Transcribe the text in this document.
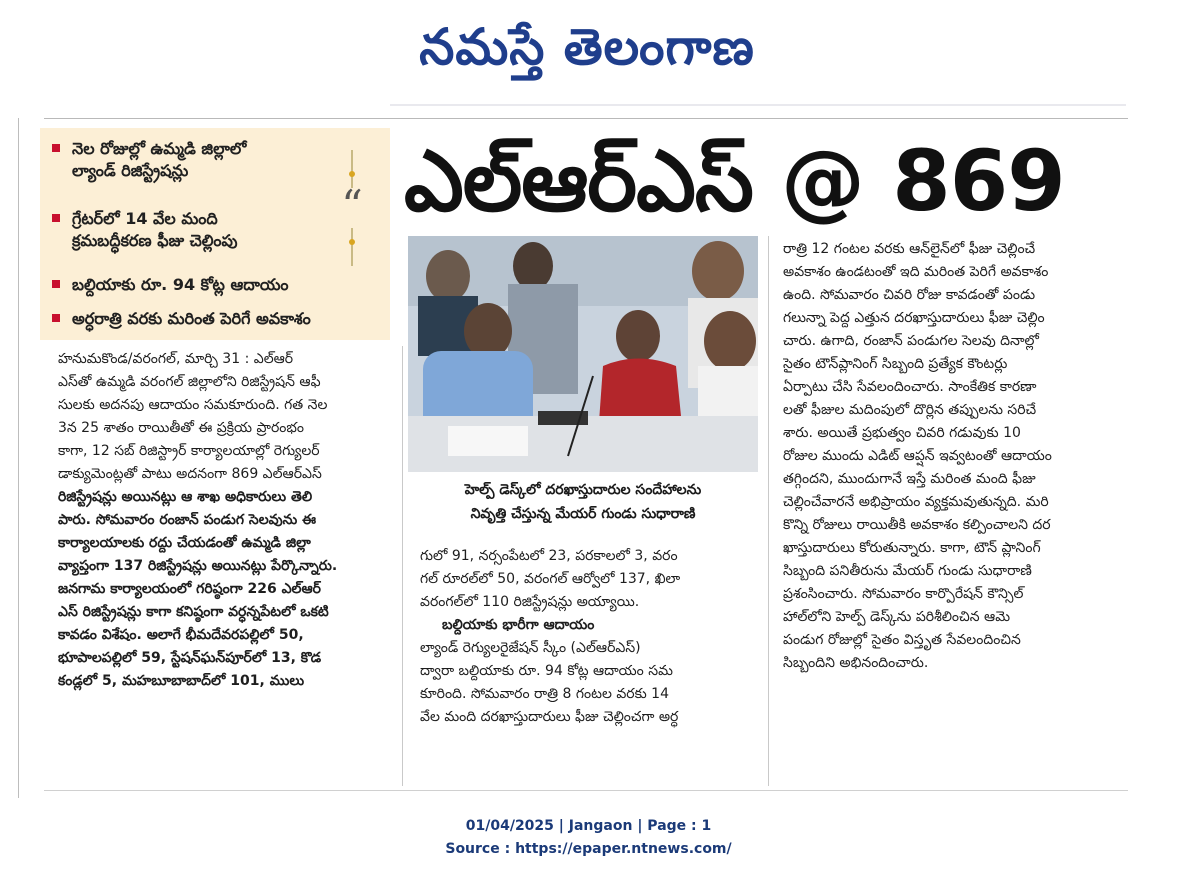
నమస్తే తెలంగాణ
నెల రోజుల్లో ఉమ్మడి జిల్లాలో
ల్యాండ్ రిజిస్ట్రేషన్లు
గ్రేటర్‌లో 14 వేల మంది
క్రమబద్ధీకరణ ఫీజు చెల్లింపు
బల్దియాకు రూ. 94 కోట్ల ఆదాయం
అర్ధరాత్రి వరకు మరింత పెరిగే అవకాశం
“ ఎల్‌ఆర్‌ఎస్ @ 869
హెల్ప్ డెస్క్‌లో దరఖాస్తుదారుల సందేహాలను
నివృత్తి చేస్తున్న మేయర్ గుండు సుధారాణి
హనుమకొండ/వరంగల్, మార్చి 31 : ఎల్‌ఆర్
ఎస్‌తో ఉమ్మడి వరంగల్ జిల్లాలోని రిజిస్ట్రేషన్ ఆఫీ
సులకు అదనపు ఆదాయం సమకూరుంది. గత నెల
3న 25 శాతం రాయితీతో ఈ ప్రక్రియ ప్రారంభం
కాగా, 12 సబ్ రిజిస్ట్రార్ కార్యాలయాల్లో రెగ్యులర్
డాక్యుమెంట్లతో పాటు అదనంగా 869 ఎల్‌ఆర్‌ఎస్
రిజిస్ట్రేషన్లు అయినట్లు ఆ శాఖ అధికారులు తెలి
పారు. సోమవారం రంజాన్ పండుగ సెలవును ఈ
కార్యాలయాలకు రద్దు చేయడంతో ఉమ్మడి జిల్లా
వ్యాప్తంగా 137 రిజిస్ట్రేషన్లు అయినట్లు పేర్కొన్నారు.
జనగామ కార్యాలయంలో గరిష్ఠంగా 226 ఎల్‌ఆర్
ఎస్ రిజిస్ట్రేషన్లు కాగా కనిష్ఠంగా వర్ధన్నపేటలో ఒకటి
కావడం విశేషం. అలాగే భీమదేవరపల్లిలో 50,
భూపాలపల్లిలో 59, స్టేషన్‌ఘన్‌పూర్‌లో 13, కొడ
కండ్లలో 5, మహబూబాబాద్‌లో 101, ములు
గులో 91, నర్సంపేటలో 23, పరకాలలో 3, వరం
గల్ రూరల్‌లో 50, వరంగల్ ఆర్వోలో 137, ఖిలా
వరంగల్‌లో 110 రిజిస్ట్రేషన్లు అయ్యాయి.
బల్దియాకు భారీగా ఆదాయం
ల్యాండ్ రెగ్యులరైజేషన్ స్కీం (ఎల్‌ఆర్‌ఎస్)
ద్వారా బల్దియాకు రూ. 94 కోట్ల ఆదాయం సమ
కూరింది. సోమవారం రాత్రి 8 గంటల వరకు 14
వేల మంది దరఖాస్తుదారులు ఫీజు చెల్లించగా అర్ధ
రాత్రి 12 గంటల వరకు ఆన్‌లైన్‌లో ఫీజు చెల్లించే
అవకాశం ఉండటంతో ఇది మరింత పెరిగే అవకాశం
ఉంది. సోమవారం చివరి రోజు కావడంతో పండు
గలున్నా పెద్ద ఎత్తున దరఖాస్తుదారులు ఫీజు చెల్లిం
చారు. ఉగాది, రంజాన్ పండుగల సెలవు దినాల్లో
సైతం టౌన్‌ప్లానింగ్ సిబ్బంది ప్రత్యేక కౌంటర్లు
ఏర్పాటు చేసి సేవలందించారు. సాంకేతిక కారణా
లతో ఫీజుల మదింపులో దొర్లిన తప్పులను సరిచే
శారు. అయితే ప్రభుత్వం చివరి గడువుకు 10
రోజుల ముందు ఎడిట్ ఆప్షన్ ఇవ్వటంతో ఆదాయం
తగ్గిందని, ముందుగానే ఇస్తే మరింత మంది ఫీజు
చెల్లించేవారనే అభిప్రాయం వ్యక్తమవుతున్నది. మరి
కొన్ని రోజులు రాయితీకి అవకాశం కల్పించాలని దర
ఖాస్తుదారులు కోరుతున్నారు. కాగా, టౌన్ ప్లానింగ్
సిబ్బంది పనితీరును మేయర్ గుండు సుధారాణి
ప్రశంసించారు. సోమవారం కార్పొరేషన్ కౌన్సిల్
హాల్‌లోని హెల్ప్ డెస్క్‌ను పరిశీలించిన ఆమె
పండుగ రోజుల్లో సైతం విస్తృత సేవలందించిన
సిబ్బందిని అభినందించారు.
01/04/2025 | Jangaon | Page : 1
Source : https://epaper.ntnews.com/
